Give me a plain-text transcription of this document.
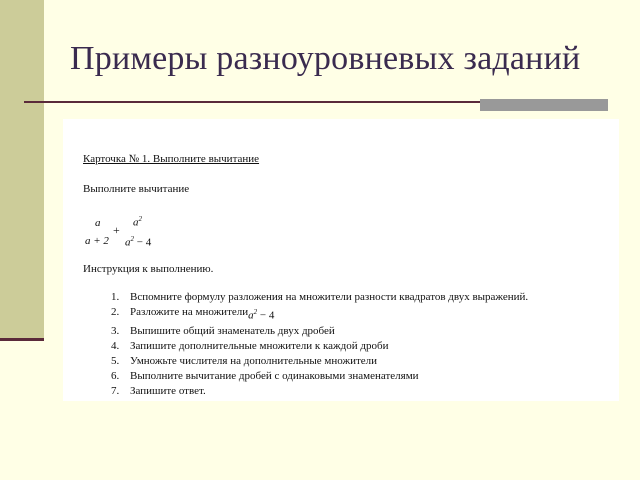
Примеры разноуровневых заданий
Карточка № 1. Выполните вычитание
Выполните вычитание
a
a + 2
+
$a^2$
$a^2 - 4$
Инструкция к выполнению.
1. Вспомните формулу разложения на множители разности квадратов двух выражений.
2. Разложите на множители $a^2 - 4$
3. Выпишите общий знаменатель двух дробей
4. Запишите дополнительные множители к каждой дроби
5. Умножьте числителя на дополнительные множители
6. Выполните вычитание дробей с одинаковыми знаменателями
7. Запишите ответ.
